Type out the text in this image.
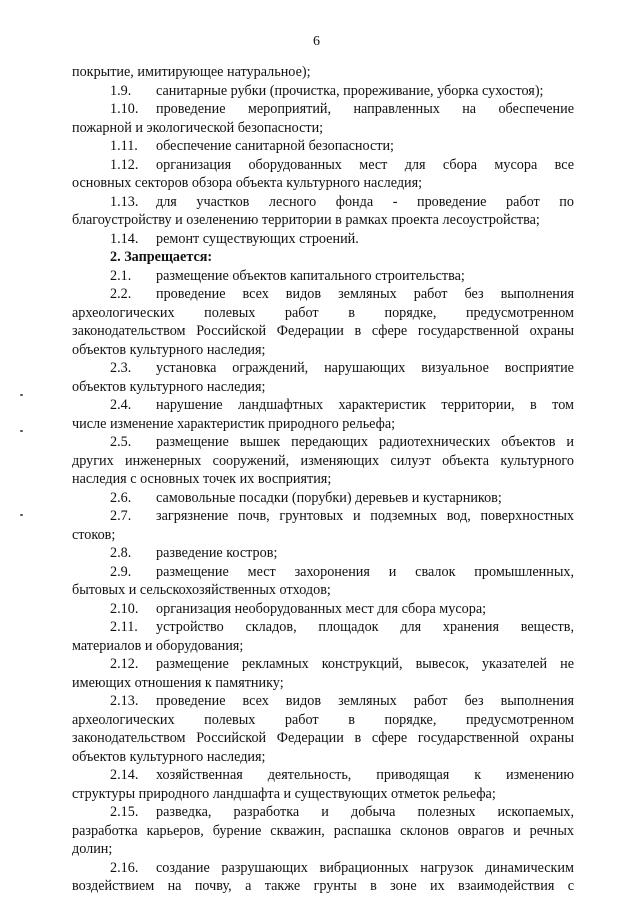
6
покрытие, имитирующее натуральное);
1.9. санитарные рубки (прочистка, прореживание, уборка сухостоя);
1.10.	проведение мероприятий, направленных на обеспечение
пожарной и экологической безопасности;
1.11. обеспечение санитарной безопасности;
1.12.	организация оборудованных мест для сбора мусора все
основных секторов обзора объекта культурного наследия;
1.13.	для участков лесного фонда - проведение работ по
благоустройству и озеленению территории в рамках проекта лесоустройства;
1.14. ремонт существующих строений.
2. Запрещается:
2.1. размещение объектов капитального строительства;
2.2.	проведение всех видов земляных работ без выполнения
археологических полевых работ в порядке, предусмотренном
законодательством Российской Федерации в сфере государственной охраны
объектов культурного наследия;
2.3.	установка ограждений, нарушающих визуальное восприятие
объектов культурного наследия;
2.4.	нарушение ландшафтных характеристик территории, в том
числе изменение характеристик природного рельефа;
2.5.	размещение вышек передающих радиотехнических объектов и
других инженерных сооружений, изменяющих силуэт объекта культурного
наследия с основных точек их восприятия;
2.6. самовольные посадки (порубки) деревьев и кустарников;
2.7.	загрязнение почв, грунтовых и подземных вод, поверхностных
стоков;
2.8. разведение костров;
2.9.	размещение мест захоронения и свалок промышленных,
бытовых и сельскохозяйственных отходов;
2.10. организация необорудованных мест для сбора мусора;
2.11.	устройство складов, площадок для хранения веществ,
материалов и оборудования;
2.12.	размещение рекламных конструкций, вывесок, указателей не
имеющих отношения к памятнику;
2.13.	проведение всех видов земляных работ без выполнения
археологических полевых работ в порядке, предусмотренном
законодательством Российской Федерации в сфере государственной охраны
объектов культурного наследия;
2.14.	хозяйственная деятельность, приводящая к изменению
структуры природного ландшафта и существующих отметок рельефа;
2.15.	разведка, разработка и добыча полезных ископаемых,
разработка карьеров, бурение скважин, распашка склонов оврагов и речных
долин;
2.16.	создание разрушающих вибрационных нагрузок динамическим
воздействием на почву, а также грунты в зоне их взаимодействия с
